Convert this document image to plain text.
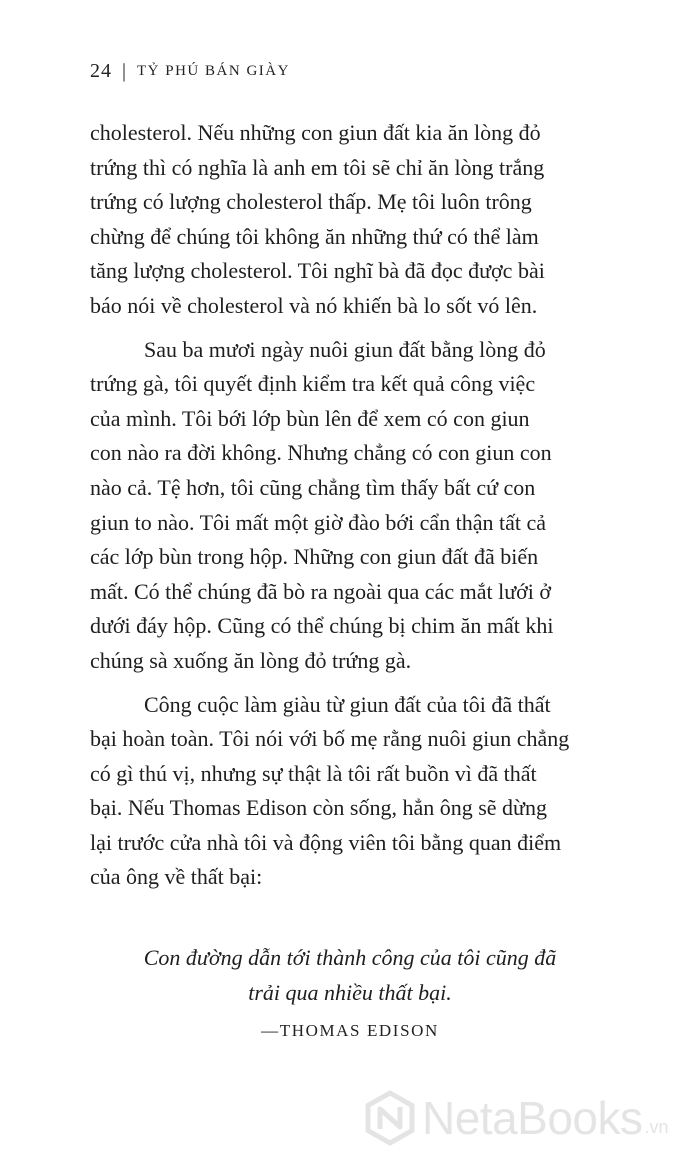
24 | TỶ PHÚ BÁN GIÀY
cholesterol. Nếu những con giun đất kia ăn lòng đỏ
trứng thì có nghĩa là anh em tôi sẽ chỉ ăn lòng trắng
trứng có lượng cholesterol thấp. Mẹ tôi luôn trông
chừng để chúng tôi không ăn những thứ có thể làm
tăng lượng cholesterol. Tôi nghĩ bà đã đọc được bài
báo nói về cholesterol và nó khiến bà lo sốt vó lên.
Sau ba mươi ngày nuôi giun đất bằng lòng đỏ
trứng gà, tôi quyết định kiểm tra kết quả công việc
của mình. Tôi bới lớp bùn lên để xem có con giun
con nào ra đời không. Nhưng chẳng có con giun con
nào cả. Tệ hơn, tôi cũng chẳng tìm thấy bất cứ con
giun to nào. Tôi mất một giờ đào bới cẩn thận tất cả
các lớp bùn trong hộp. Những con giun đất đã biến
mất. Có thể chúng đã bò ra ngoài qua các mắt lưới ở
dưới đáy hộp. Cũng có thể chúng bị chim ăn mất khi
chúng sà xuống ăn lòng đỏ trứng gà.
Công cuộc làm giàu từ giun đất của tôi đã thất
bại hoàn toàn. Tôi nói với bố mẹ rằng nuôi giun chẳng
có gì thú vị, nhưng sự thật là tôi rất buồn vì đã thất
bại. Nếu Thomas Edison còn sống, hẳn ông sẽ dừng
lại trước cửa nhà tôi và động viên tôi bằng quan điểm
của ông về thất bại:
Con đường dẫn tới thành công của tôi cũng đã
trải qua nhiều thất bại.
—THOMAS EDISON
NetaBooks .vn
